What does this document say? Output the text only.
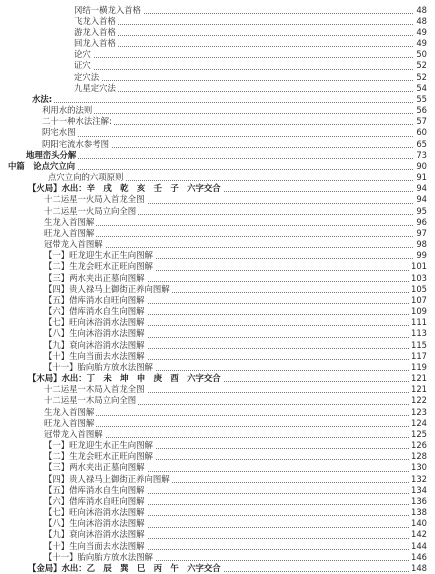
冈结一横龙入首格	48
飞龙入首格	48
游龙入首格	49
回龙入首格	49
论穴	50
证穴	52
定穴法	52
九星定穴法	54
水法:	55
利用水的法则	56
二十一种水法注解:	57
阴宅水图	60
阴阳宅流水参考图	65
地理峦头分解	73
中篇　论点穴立向	90
点穴立向的六项原则	91
【火局】水出：辛　戌　乾　亥　壬　子　六字交合	94
十二运星一火局入首龙全图	94
十二运星一火局立向全图	95
生龙入首图解	96
旺龙入首图解	97
冠带龙入首图解	98
【一】旺龙迎生水正生向图解	99
【二】生龙会旺水正旺向图解	101
【三】两水夹出正墓向图解	103
【四】贵人禄马上御街正养向图解	105
【五】借库消水自旺向图解	107
【六】借库消水自生向图解	109
【七】旺向沐浴消水法图解	111
【八】生向沐浴消水法图解	113
【九】衰向沐浴消水法图解	115
【十】生向当面去水法图解	117
【十一】胎向胎方放水法图解	119
【木局】水出：丁　未　坤　申　庚　酉　六字交合	121
十二运星一木局入首龙全图	121
十二运星一木局立向全图	122
生龙入首图解	123
旺龙入首图解	124
冠带龙入首图解	125
【一】旺龙迎生水正生向图解	126
【二】生龙会旺水正旺向图解	128
【三】两水夹出正墓向图解	130
【四】贵人禄马上御街正养向图解	132
【五】借库消水自生向图解	134
【六】借库消水自旺向图解	136
【七】旺向沐浴消水法图解	138
【八】生向沐浴消水法图解	140
【九】衰向沐浴消水法图解	142
【十】生向当面去水法图解	144
【十一】胎向胎方放水法图解	146
【金局】水出：乙　辰　巽　巳　丙　午　六字交合	148
